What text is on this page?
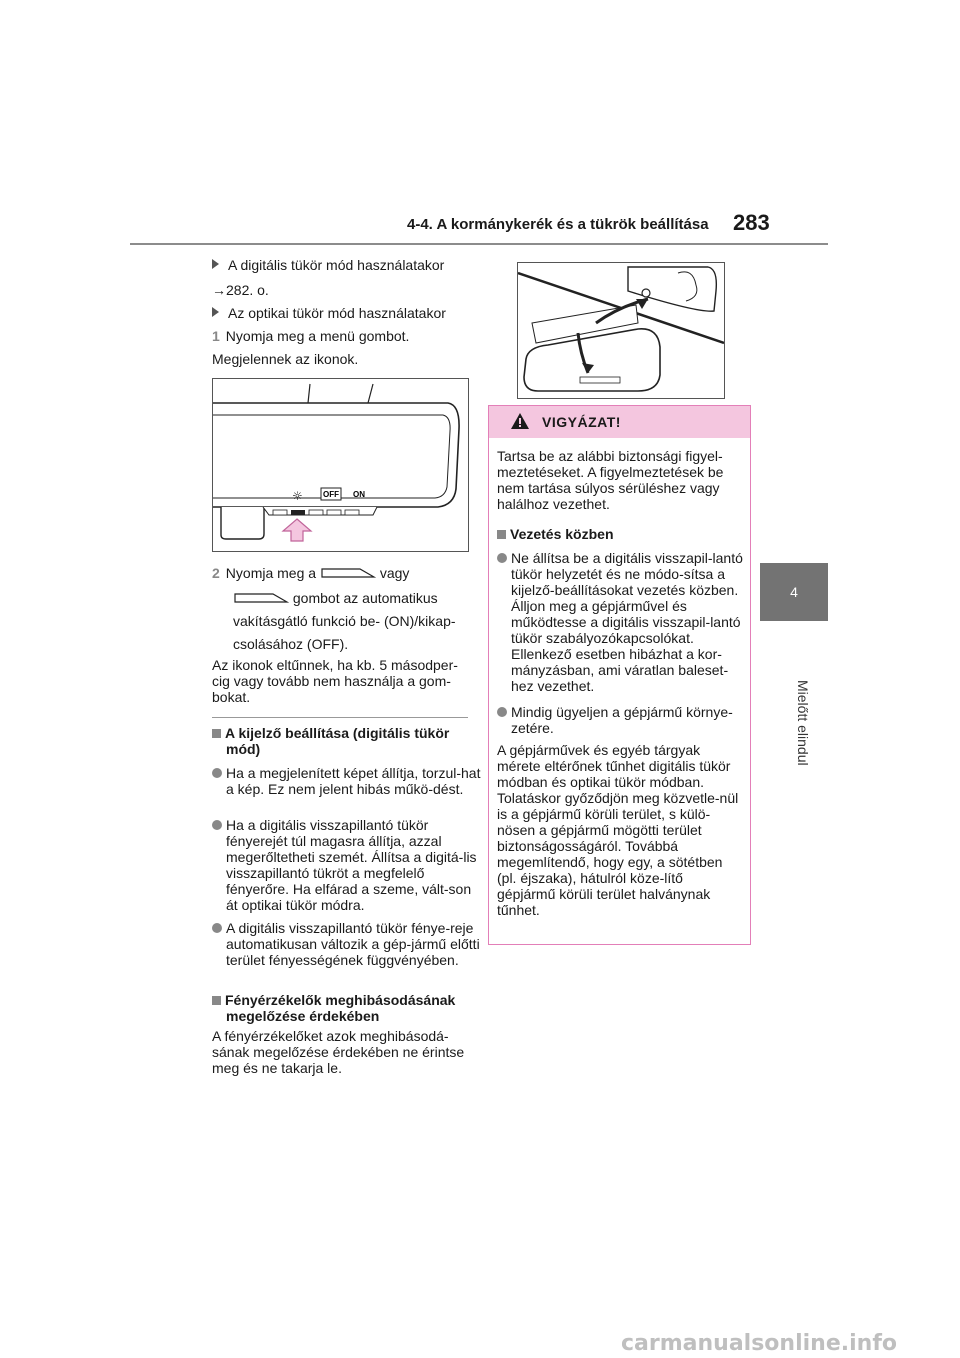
4-4. A kormánykerék és a tükrök beállítása 283
4
Mielőtt elindul
A digitális tükör mód használatakor
→282. o.
Az optikai tükör mód használatakor
1 Nyomja meg a menü gombot.
Megjelennek az ikonok.
☼	OFF ON
2 Nyomja meg a	vagy
gombot az automatikus
vakításgátló funkció be- (ON)/kikap-
csolásához (OFF).
Az ikonok eltűnnek, ha kb. 5 másodper-cig vagy tovább nem használja a gom-bokat.
A kijelző beállítása (digitális tükör mód)
Ha a megjelenített képet állítja, torzul-hat a kép. Ez nem jelent hibás műkö-dést.
Ha a digitális visszapillantó tükör fényerejét túl magasra állítja, azzal megerőltetheti szemét. Állítsa a digitá-lis visszapillantó tükröt a megfelelő fényerőre. Ha elfárad a szeme, vált-son át optikai tükör módra.
A digitális visszapillantó tükör fénye-reje automatikusan változik a gép-jármű előtti terület fényességének függvényében.
Fényérzékelők meghibásodásának megelőzése érdekében
A fényérzékelőket azok meghibásodá-sának megelőzése érdekében ne érintse meg és ne takarja le.
VIGYÁZAT!
Tartsa be az alábbi biztonsági figyel-meztetéseket. A figyelmeztetések be nem tartása súlyos sérüléshez vagy halálhoz vezethet.
Vezetés közben
Ne állítsa be a digitális visszapil-lantó tükör helyzetét és ne módo-sítsa a kijelző-beállításokat vezetés közben. Álljon meg a gépjárművel és működtesse a digitális visszapil-lantó tükör szabályozókapcsolókat. Ellenkező esetben hibázhat a kor-mányzásban, ami váratlan baleset-hez vezethet.
Mindig ügyeljen a gépjármű környe-zetére.
A gépjárművek és egyéb tárgyak mérete eltérőnek tűnhet digitális tükör módban és optikai tükör módban. Tolatáskor győződjön meg közvetle-nül is a gépjármű körüli terület, s külö-nösen a gépjármű mögötti terület biztonságosságáról. Továbbá megemlítendő, hogy egy, a sötétben (pl. éjszaka), hátulról köze-lítő gépjármű körüli terület halványnak tűnhet.
carmanualsonline.info
